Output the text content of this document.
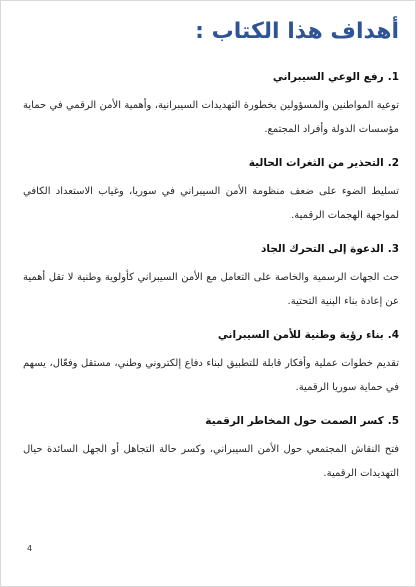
أهداف هذا الكتاب :
1.رفع الوعي السيبراني
توعية المواطنين والمسؤولين بخطورة التهديدات السيبرانية، وأهمية الأمن الرقمي في حماية مؤسسات الدولة وأفراد المجتمع.
2.التحذير من الثغرات الحالية
تسليط الضوء على ضعف منظومة الأمن السيبراني في سوريا، وغياب الاستعداد الكافي لمواجهة الهجمات الرقمية.
3.الدعوة إلى التحرك الجاد
حث الجهات الرسمية والخاصة على التعامل مع الأمن السيبراني كأولوية وطنية لا تقل أهمية عن إعادة بناء البنية التحتية.
4.بناء رؤية وطنية للأمن السيبراني
تقديم خطوات عملية وأفكار قابلة للتطبيق لبناء دفاع إلكتروني وطني، مستقل وفعّال، يسهم في حماية سوريا الرقمية.
5.كسر الصمت حول المخاطر الرقمية
فتح النقاش المجتمعي حول الأمن السيبراني، وكسر حالة التجاهل أو الجهل السائدة حيال التهديدات الرقمية.
4
